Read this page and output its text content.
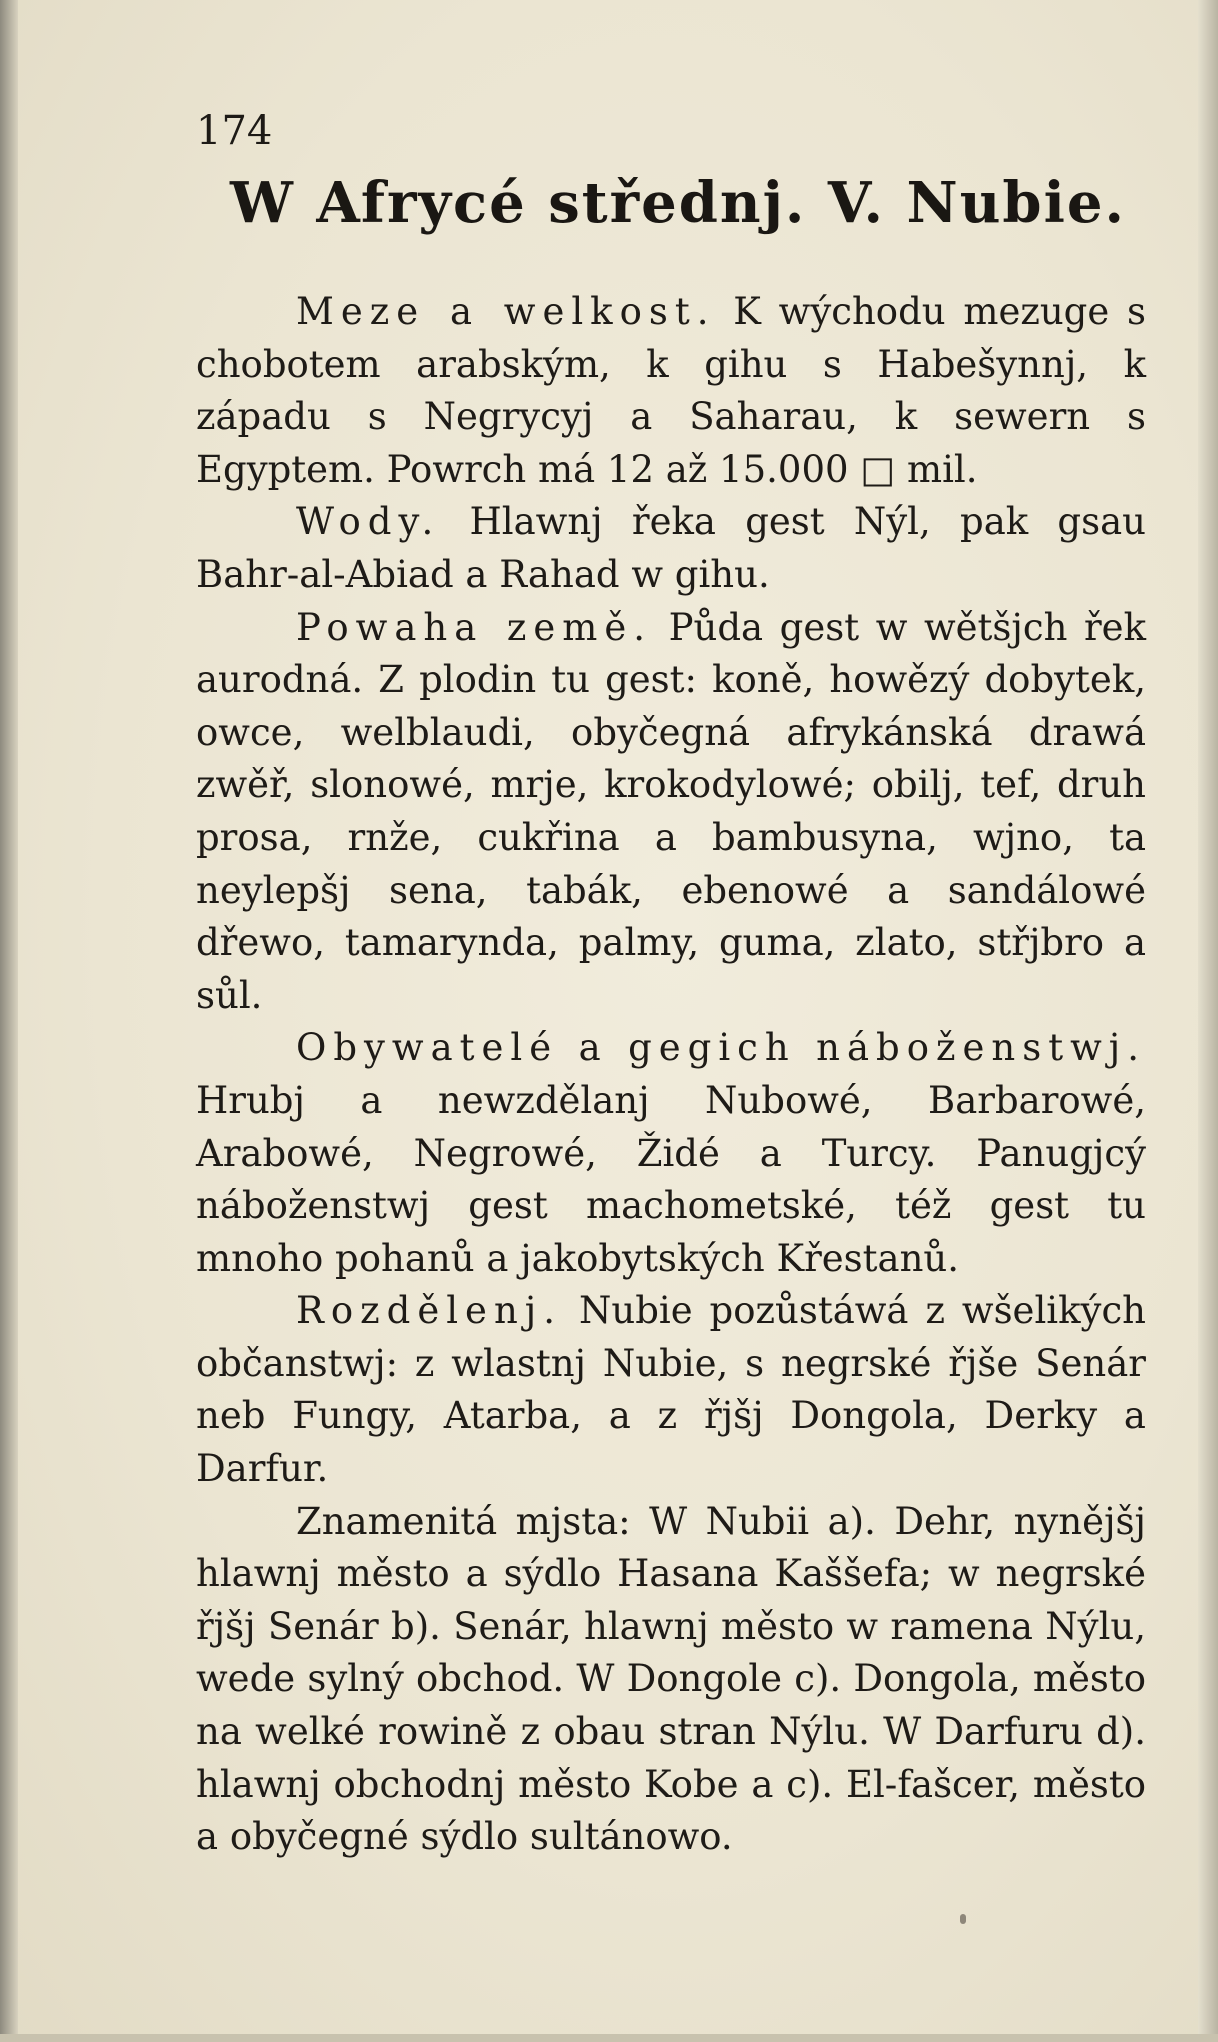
174

W Afrycé střednj. V. Nubie.

Meze a welkost. K wýchodu mezuge s chobotem arabským, k gihu s Habešynnj, k západu s Negrycyj a Saharau, k sewern s Egyptem. Powrch má 12 až 15.000 □ mil.

Wody. Hlawnj řeka gest Nýl, pak gsau Bahr-al-Abiad a Rahad w gihu.

Powaha země. Půda gest w wětšjch řek aurodná. Z plodin tu gest: koně, howězý dobytek, owce, welblaudi, obyčegná afrykánská drawá zwěř, slonowé, mrje, krokodylowé; obilj, tef, druh prosa, rnže, cukřina a bambusyna, wjno, ta neylepšj sena, tabák, ebenowé a sandálowé dřewo, tamarynda, palmy, guma, zlato, střjbro a sůl.

Obywatelé a gegich náboženstwj. Hrubj a newzdělanj Nubowé, Barbarowé, Arabowé, Negrowé, Židé a Turcy. Panugjcý náboženstwj gest machometské, též gest tu mnoho pohanů a jakobytských Křestanů.

Rozdělenj. Nubie pozůstáwá z wšelikých občanstwj: z wlastnj Nubie, s negrské řjše Senár neb Fungy, Atarba, a z řjšj Dongola, Derky a Darfur.

Znamenitá mjsta: W Nubii a). Dehr, nynějšj hlawnj město a sýdlo Hasana Kaššefa; w negrské řjšj Senár b). Senár, hlawnj město w ramena Nýlu, wede sylný obchod. W Dongole c). Dongola, město na welké rowině z obau stran Nýlu. W Darfuru d). hlawnj obchodnj město Kobe a c). El-fašcer, město a obyčegné sýdlo sultánowo.
